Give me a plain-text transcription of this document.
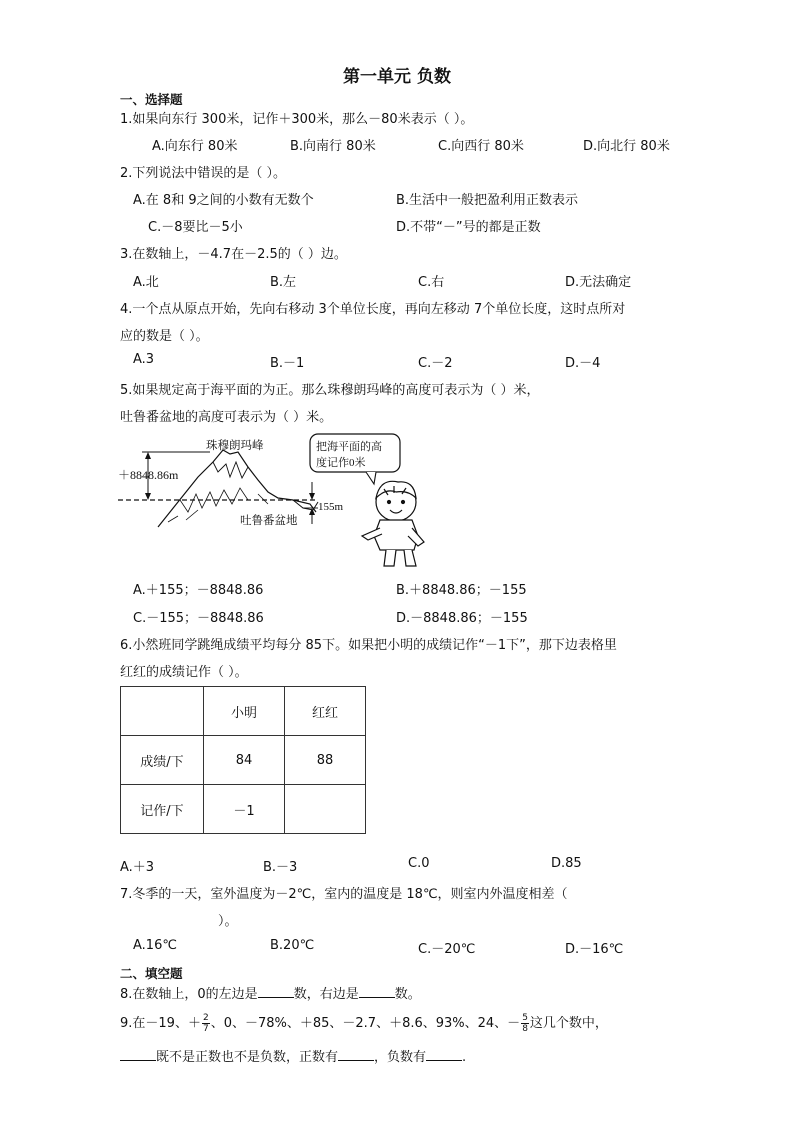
第一单元 负数
一、选择题
1.如果向东行 300米，记作＋300米，那么－80米表示（ ）。
A.向东行 80米	B.向南行 80米	C.向西行 80米	D.向北行 80米
2.下列说法中错误的是（ ）。
A.在 8和 9之间的小数有无数个	B.生活中一般把盈利用正数表示
C.－8要比－5小	D.不带“－”号的都是正数
3.在数轴上，－4.7在－2.5的（ ）边。
A.北	B.左	C.右	D.无法确定
4.一个点从原点开始，先向右移动 3个单位长度，再向左移动 7个单位长度，这时点所对
应的数是（ ）。
A.3	B.－1	C.－2	D.－4
5.如果规定高于海平面的为正。那么珠穆朗玛峰的高度可表示为（ ）米，
吐鲁番盆地的高度可表示为（ ）米。
＋8848.86m
珠穆朗玛峰
155m
吐鲁番盆地
把海平面的高
度记作0米
A.＋155；－8848.86	B.＋8848.86；－155
C.－155；－8848.86	D.－8848.86；－155
6.小然班同学跳绳成绩平均每分 85下。如果把小明的成绩记作“－1下”，那下边表格里
红红的成绩记作（ ）。
	小明	红红
成绩/下	84	88
记作/下	－1	
A.＋3	B.－3	C.0	D.85
7.冬季的一天，室外温度为－2℃，室内的温度是 18℃，则室内外温度相差（
）。
A.16℃	B.20℃	C.－20℃	D.－16℃
二、填空题
8.在数轴上，0的左边是	数，右边是	数。
9.在－19、＋ $\frac{2}{7}$ 、0、－78%、＋85、－2.7、＋8.6、93%、24、－ $\frac{5}{8}$ 这几个数中，
既不是正数也不是负数，正数有	，负数有	.
